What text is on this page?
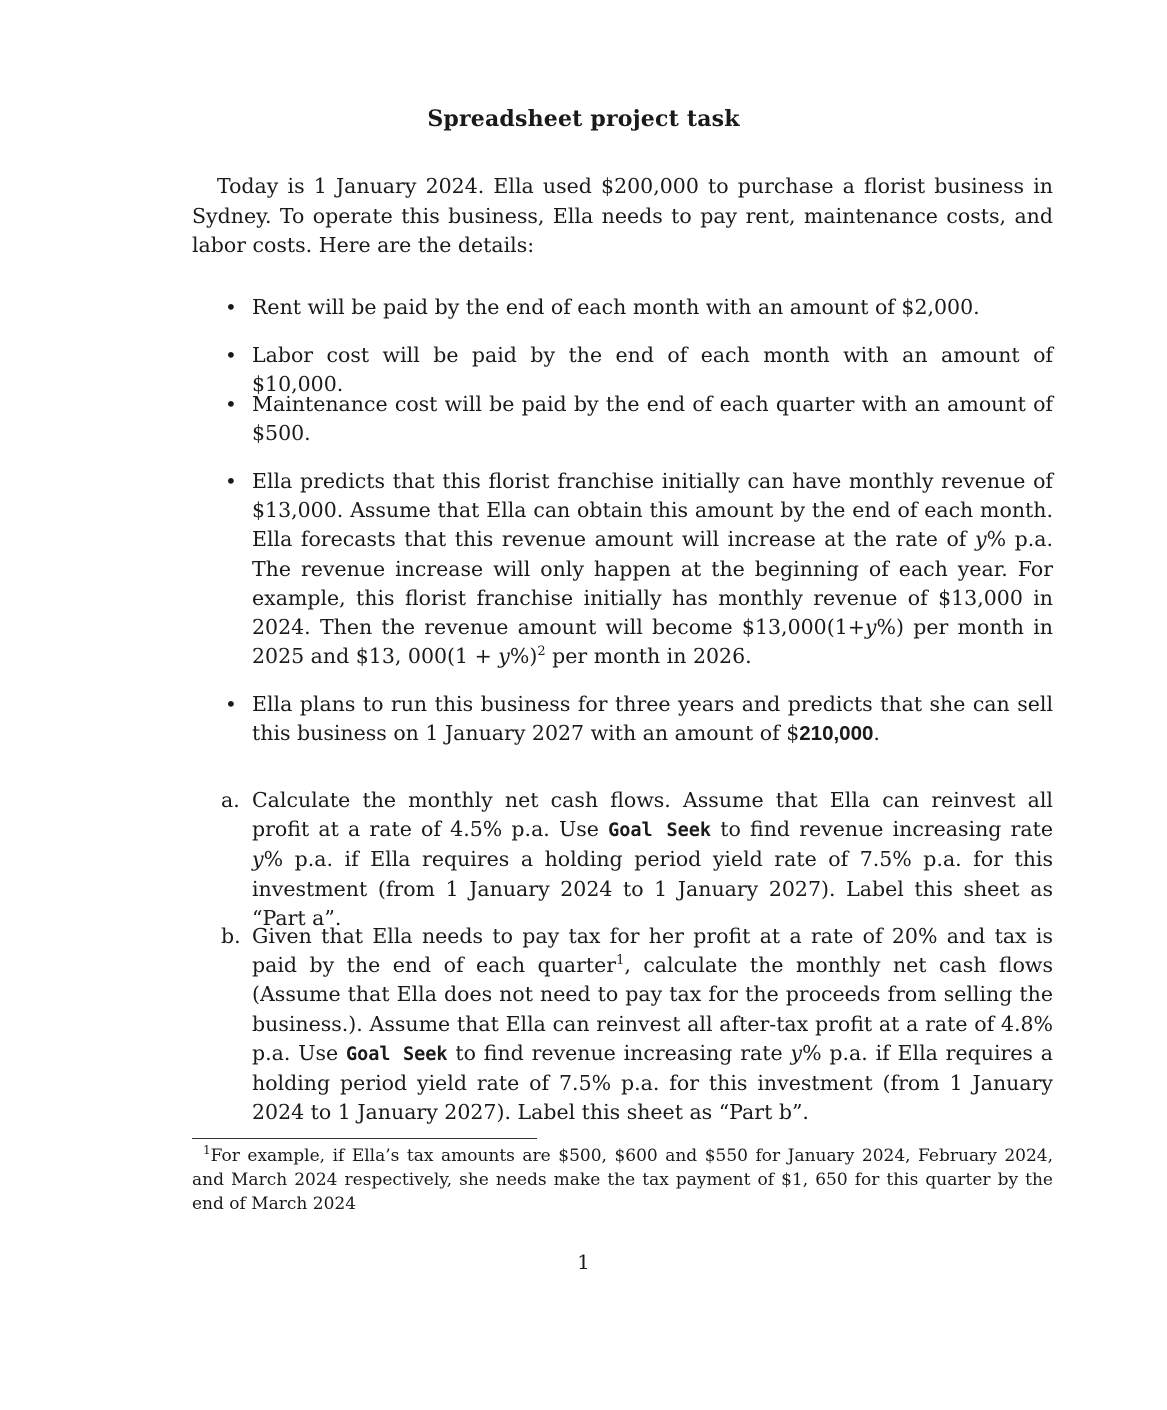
Spreadsheet project task
Today is 1 January 2024. Ella used $200,000 to purchase a florist business in Sydney. To operate this business, Ella needs to pay rent, maintenance costs, and labor costs. Here are the details:
• Rent will be paid by the end of each month with an amount of $2,000.
• Labor cost will be paid by the end of each month with an amount of $10,000.
• Maintenance cost will be paid by the end of each quarter with an amount of $500.
• Ella predicts that this florist franchise initially can have monthly revenue of $13,000. Assume that Ella can obtain this amount by the end of each month. Ella forecasts that this revenue amount will increase at the rate of y% p.a. The revenue increase will only happen at the beginning of each year. For example, this florist franchise initially has monthly revenue of $13,000 in 2024. Then the revenue amount will become $13,000(1+y%) per month in 2025 and $13, $000(1 + y\%)^2$ per month in 2026.
• Ella plans to run this business for three years and predicts that she can sell this business on 1 January 2027 with an amount of $210,000.
a. Calculate the monthly net cash flows. Assume that Ella can reinvest all profit at a rate of 4.5% p.a. Use Goal Seek to find revenue increasing rate y% p.a. if Ella requires a holding period yield rate of 7.5% p.a. for this investment (from 1 January 2024 to 1 January 2027). Label this sheet as “Part a”.
b. Given that Ella needs to pay tax for her profit at a rate of 20% and tax is paid by the end of each quarter$^1$, calculate the monthly net cash flows (Assume that Ella does not need to pay tax for the proceeds from selling the business.). Assume that Ella can reinvest all after-tax profit at a rate of 4.8% p.a. Use Goal Seek to find revenue increasing rate y% p.a. if Ella requires a holding period yield rate of 7.5% p.a. for this investment (from 1 January 2024 to 1 January 2027). Label this sheet as “Part b”.
$^1$For example, if Ella’s tax amounts are $500, $600 and $550 for January 2024, February 2024, and March 2024 respectively, she needs make the tax payment of $1, 650 for this quarter by the end of March 2024
1
